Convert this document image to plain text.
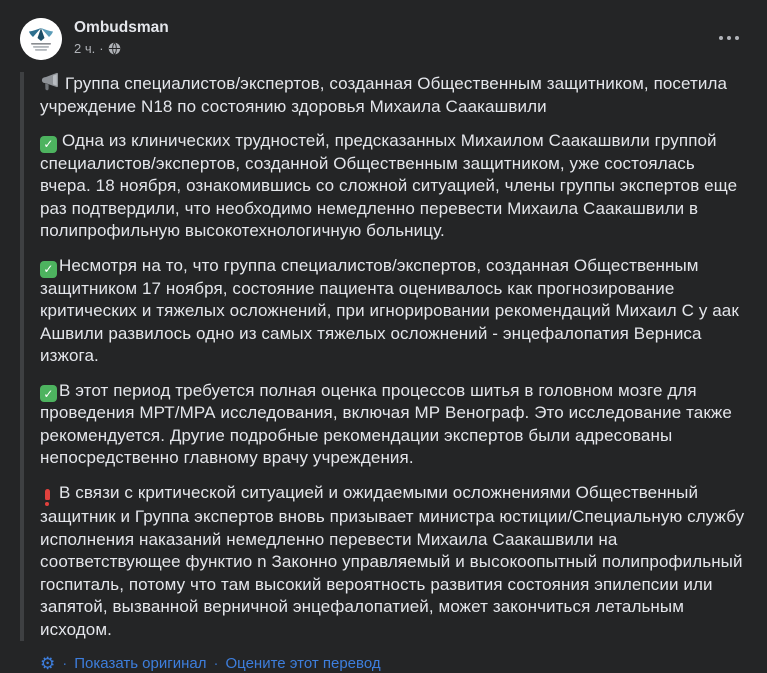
Ombudsman
2 ч. ·

Группа специалистов/экспертов, созданная Общественным защитником, посетила учреждение N18 по состоянию здоровья Михаила Саакашвили

✓ Одна из клинических трудностей, предсказанных Михаилом Саакашвили группой специалистов/экспертов, созданной Общественным защитником, уже состоялась вчера. 18 ноября, ознакомившись со сложной ситуацией, члены группы экспертов еще раз подтвердили, что необходимо немедленно перевести Михаила Саакашвили в полипрофильную высокотехнологичную больницу.

✓ Несмотря на то, что группа специалистов/экспертов, созданная Общественным защитником 17 ноября, состояние пациента оценивалось как прогнозирование критических и тяжелых осложнений, при игнорировании рекомендаций Михаил С у аак Ашвили развилось одно из самых тяжелых осложнений - энцефалопатия Верниса изжога.

✓ В этот период требуется полная оценка процессов шитья в головном мозге для проведения МРТ/МРА исследования, включая МР Венограф. Это исследование также рекомендуется. Другие подробные рекомендации экспертов были адресованы непосредственно главному врачу учреждения.

В связи с критической ситуацией и ожидаемыми осложнениями Общественный защитник и Группа экспертов вновь призывает министра юстиции/Специальную службу исполнения наказаний немедленно перевести Михаила Саакашвили на соответствующее функтио n Законно управляемый и высокоопытный полипрофильный госпиталь, потому что там высокий вероятность развития состояния эпилепсии или запятой, вызванной верничной энцефалопатией, может закончиться летальным исходом.

⚙ · Показать оригинал · Оцените этот перевод
